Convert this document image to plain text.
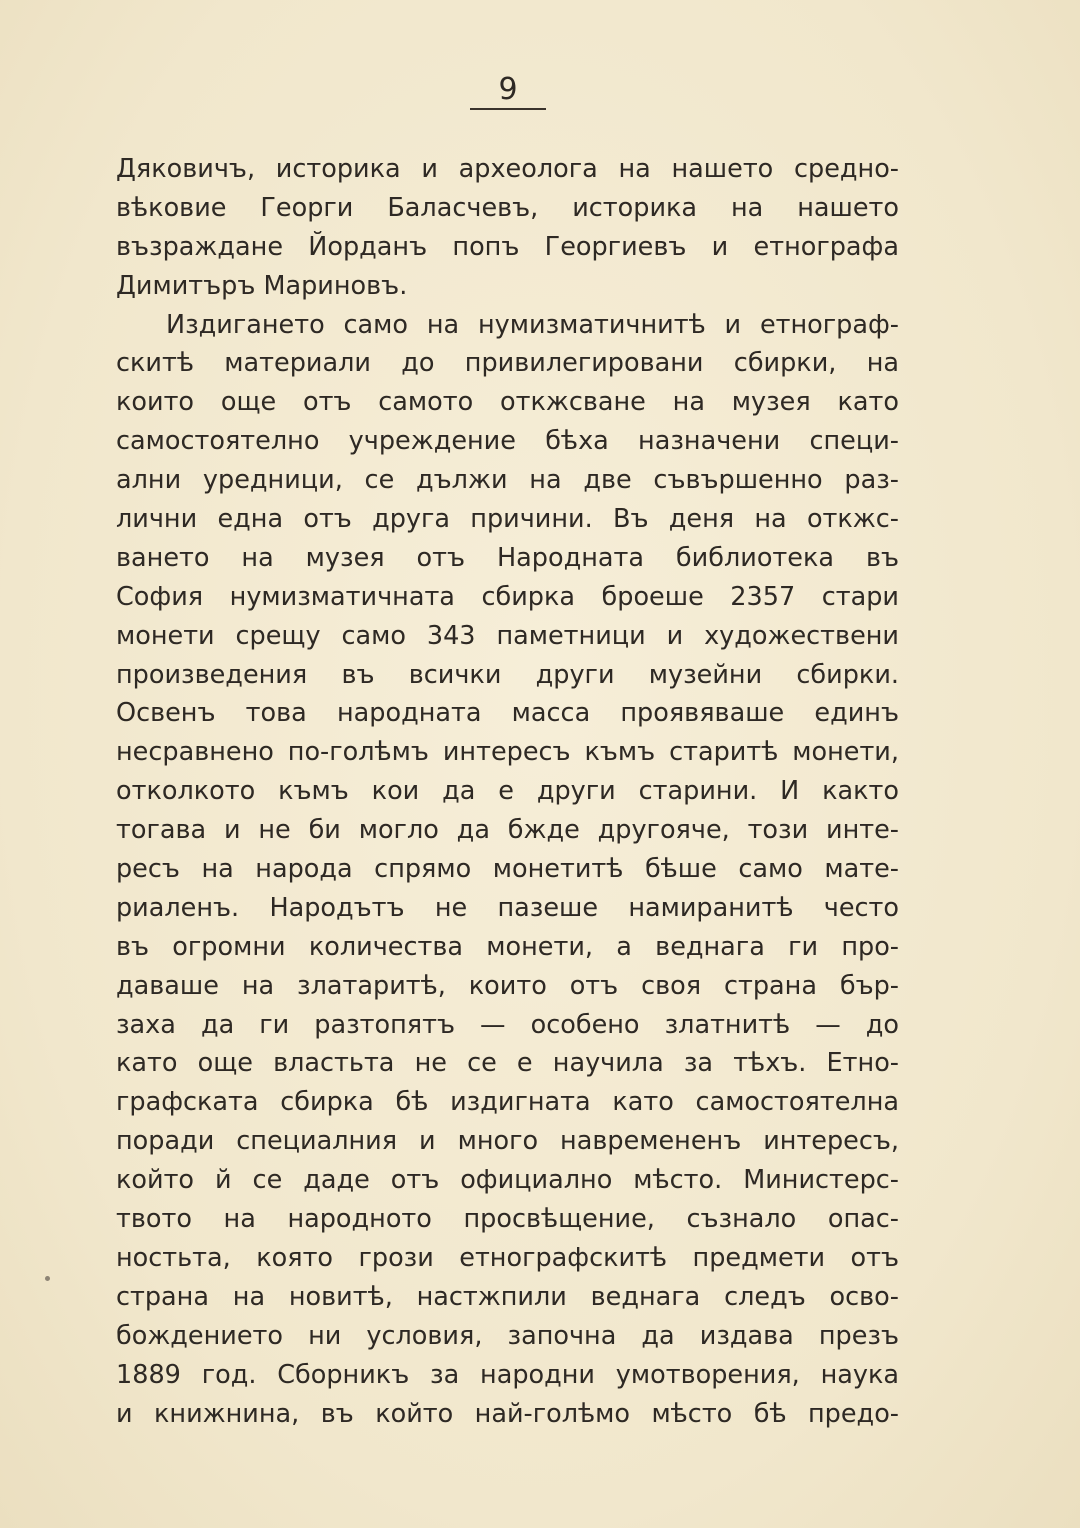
9
Дяковичъ, историка и археолога на нашето средно-
вѣковие Георги Баласчевъ, историка на нашето
възраждане Йорданъ попъ Георгиевъ и етнографа
Димитъръ Мариновъ.
Издигането само на нумизматичнитѣ и етнограф-
скитѣ материали до привилегировани сбирки, на
които още отъ самото откжсване на музея като
самостоятелно учреждение бѣха назначени специ-
ални уредници, се дължи на две съвършенно раз-
лични една отъ друга причини. Въ деня на откжс-
ването на музея отъ Народната библиотека въ
София нумизматичната сбирка броеше 2357 стари
монети срещу само 343 паметници и художествени
произведения въ всички други музейни сбирки.
Освенъ това народната масса проявяваше единъ
несравнено по-голѣмъ интересъ къмъ старитѣ монети,
отколкото къмъ кои да е други старини. И както
тогава и не би могло да бжде другояче, този инте-
ресъ на народа спрямо монетитѣ бѣше само мате-
риаленъ. Народътъ не пазеше намиранитѣ често
въ огромни количества монети, а веднага ги про-
даваше на златаритѣ, които отъ своя страна бър-
заха да ги разтопятъ — особено златнитѣ — до
като още властьта не се е научила за тѣхъ. Етно-
графската сбирка бѣ издигната като самостоятелна
поради специалния и много навремененъ интересъ,
който й се даде отъ официално мѣсто. Министерс-
твото на народното просвѣщение, съзнало опас-
ностьта, която грози етнографскитѣ предмети отъ
страна на новитѣ, настжпили веднага следъ осво-
бождението ни условия, започна да издава презъ
1889 год. Сборникъ за народни умотворения, наука
и книжнина, въ който най-голѣмо мѣсто бѣ предо-
